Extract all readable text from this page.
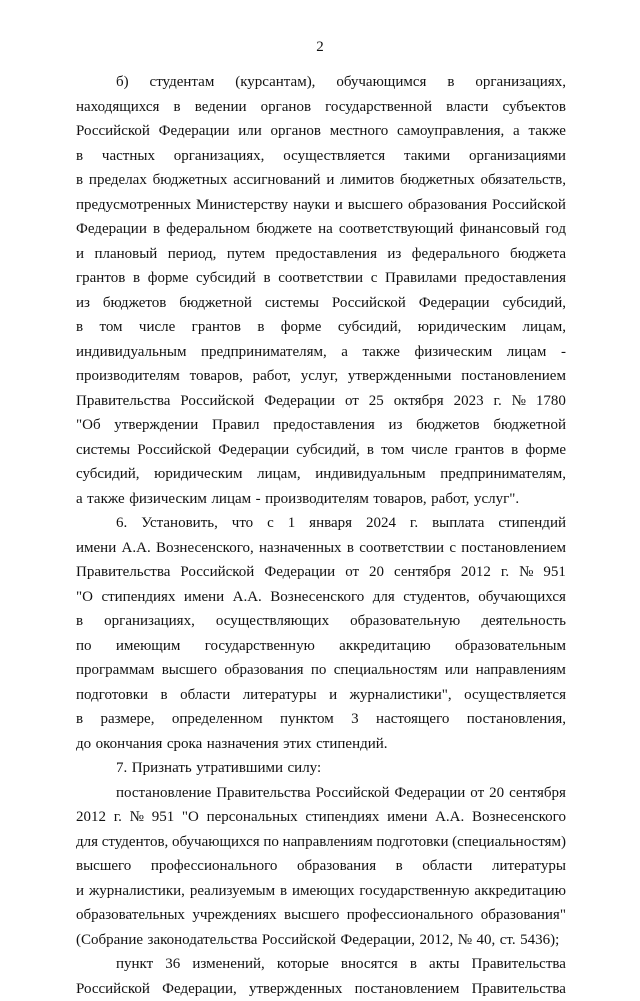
2
б) студентам (курсантам), обучающимся в организациях,
находящихся в ведении органов государственной власти субъектов
Российской Федерации или органов местного самоуправления, а также
в частных организациях, осуществляется такими организациями
в пределах бюджетных ассигнований и лимитов бюджетных обязательств,
предусмотренных Министерству науки и высшего образования Российской
Федерации в федеральном бюджете на соответствующий финансовый год
и плановый период, путем предоставления из федерального бюджета
грантов в форме субсидий в соответствии с Правилами предоставления
из бюджетов бюджетной системы Российской Федерации субсидий,
в том числе грантов в форме субсидий, юридическим лицам,
индивидуальным предпринимателям, а также физическим лицам -
производителям товаров, работ, услуг, утвержденными постановлением
Правительства Российской Федерации от 25 октября 2023 г. № 1780
"Об утверждении Правил предоставления из бюджетов бюджетной
системы Российской Федерации субсидий, в том числе грантов в форме
субсидий, юридическим лицам, индивидуальным предпринимателям,
а также физическим лицам - производителям товаров, работ, услуг".
6. Установить, что с 1 января 2024 г. выплата стипендий
имени А.А. Вознесенского, назначенных в соответствии с постановлением
Правительства Российской Федерации от 20 сентября 2012 г. № 951
"О стипендиях имени А.А. Вознесенского для студентов, обучающихся
в организациях, осуществляющих образовательную деятельность
по имеющим государственную аккредитацию образовательным
программам высшего образования по специальностям или направлениям
подготовки в области литературы и журналистики", осуществляется
в размере, определенном пунктом 3 настоящего постановления,
до окончания срока назначения этих стипендий.
7. Признать утратившими силу:
постановление Правительства Российской Федерации от 20 сентября
2012 г. № 951 "О персональных стипендиях имени А.А. Вознесенского
для студентов, обучающихся по направлениям подготовки (специальностям)
высшего профессионального образования в области литературы
и журналистики, реализуемым в имеющих государственную аккредитацию
образовательных учреждениях высшего профессионального образования"
(Собрание законодательства Российской Федерации, 2012, № 40, ст. 5436);
пункт 36 изменений, которые вносятся в акты Правительства
Российской Федерации, утвержденных постановлением Правительства
